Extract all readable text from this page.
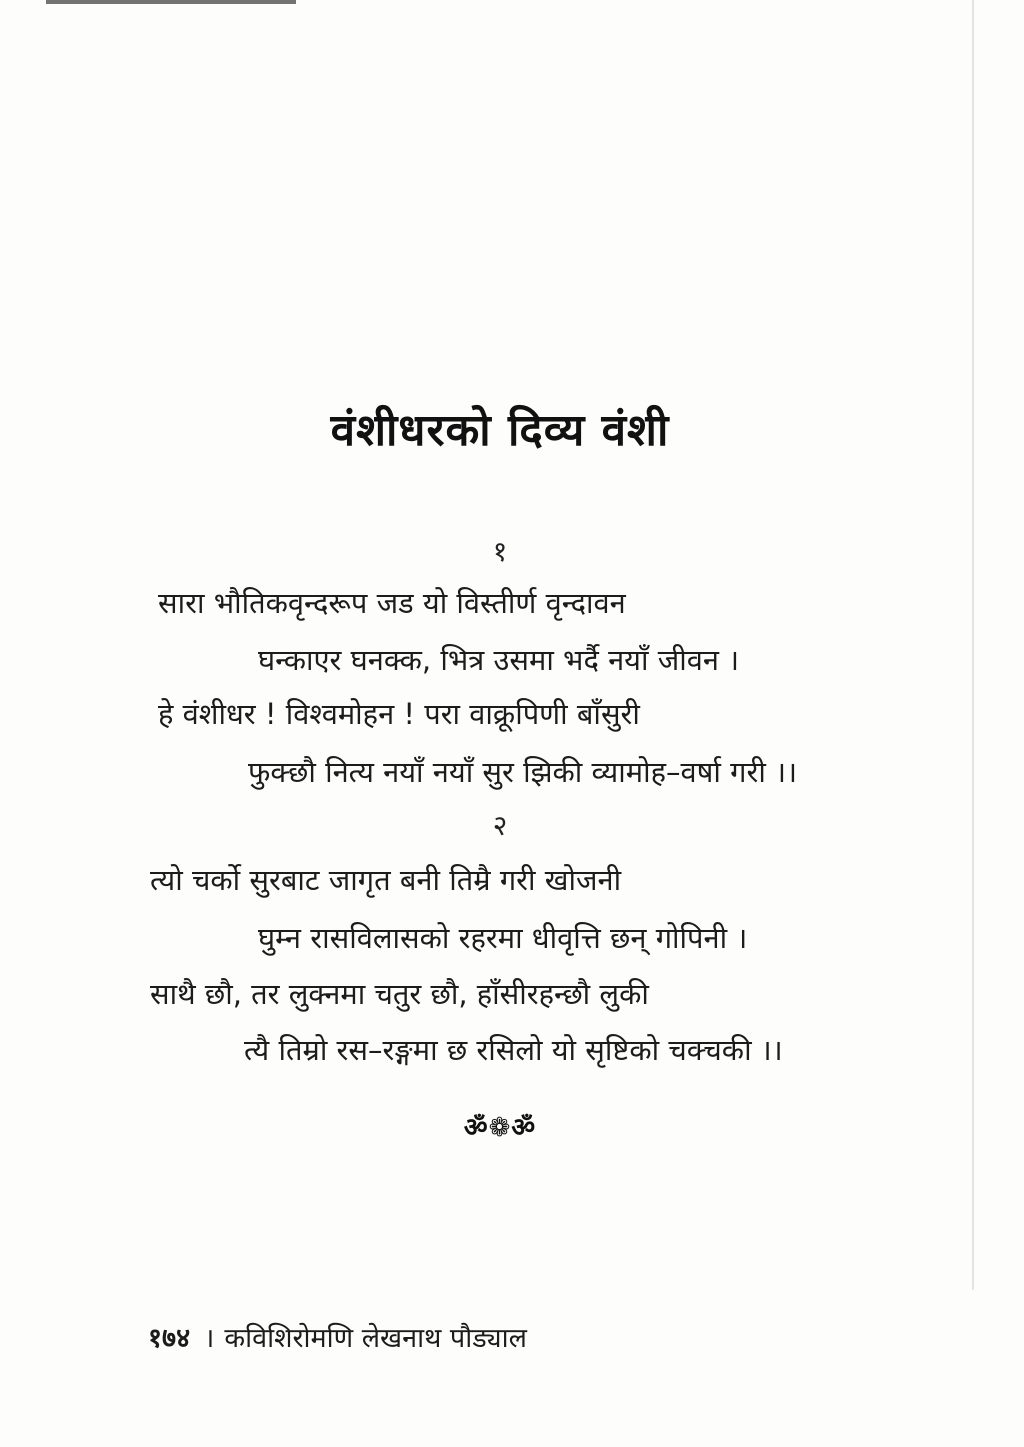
वंशीधरको दिव्य वंशी
१
सारा भौतिकवृन्दरूप जड यो विस्तीर्ण वृन्दावन
घन्काएर घनक्क, भित्र उसमा भर्दै नयाँ जीवन ।
हे वंशीधर ! विश्वमोहन ! परा वाक्रूपिणी बाँसुरी
फुक्छौ नित्य नयाँ नयाँ सुर झिकी व्यामोह–वर्षा गरी ।।
२
त्यो चर्को सुरबाट जागृत बनी तिम्रै गरी खोजनी
घुम्न रासविलासको रहरमा धीवृत्ति छन् गोपिनी ।
साथै छौ, तर लुक्नमा चतुर छौ, हाँसीरहन्छौ लुकी
त्यै तिम्रो रस–रङ्गमा छ रसिलो यो सृष्टिको चक्चकी ।।
ॐ❁ॐ
१७४ । कविशिरोमणि लेखनाथ पौड्याल
